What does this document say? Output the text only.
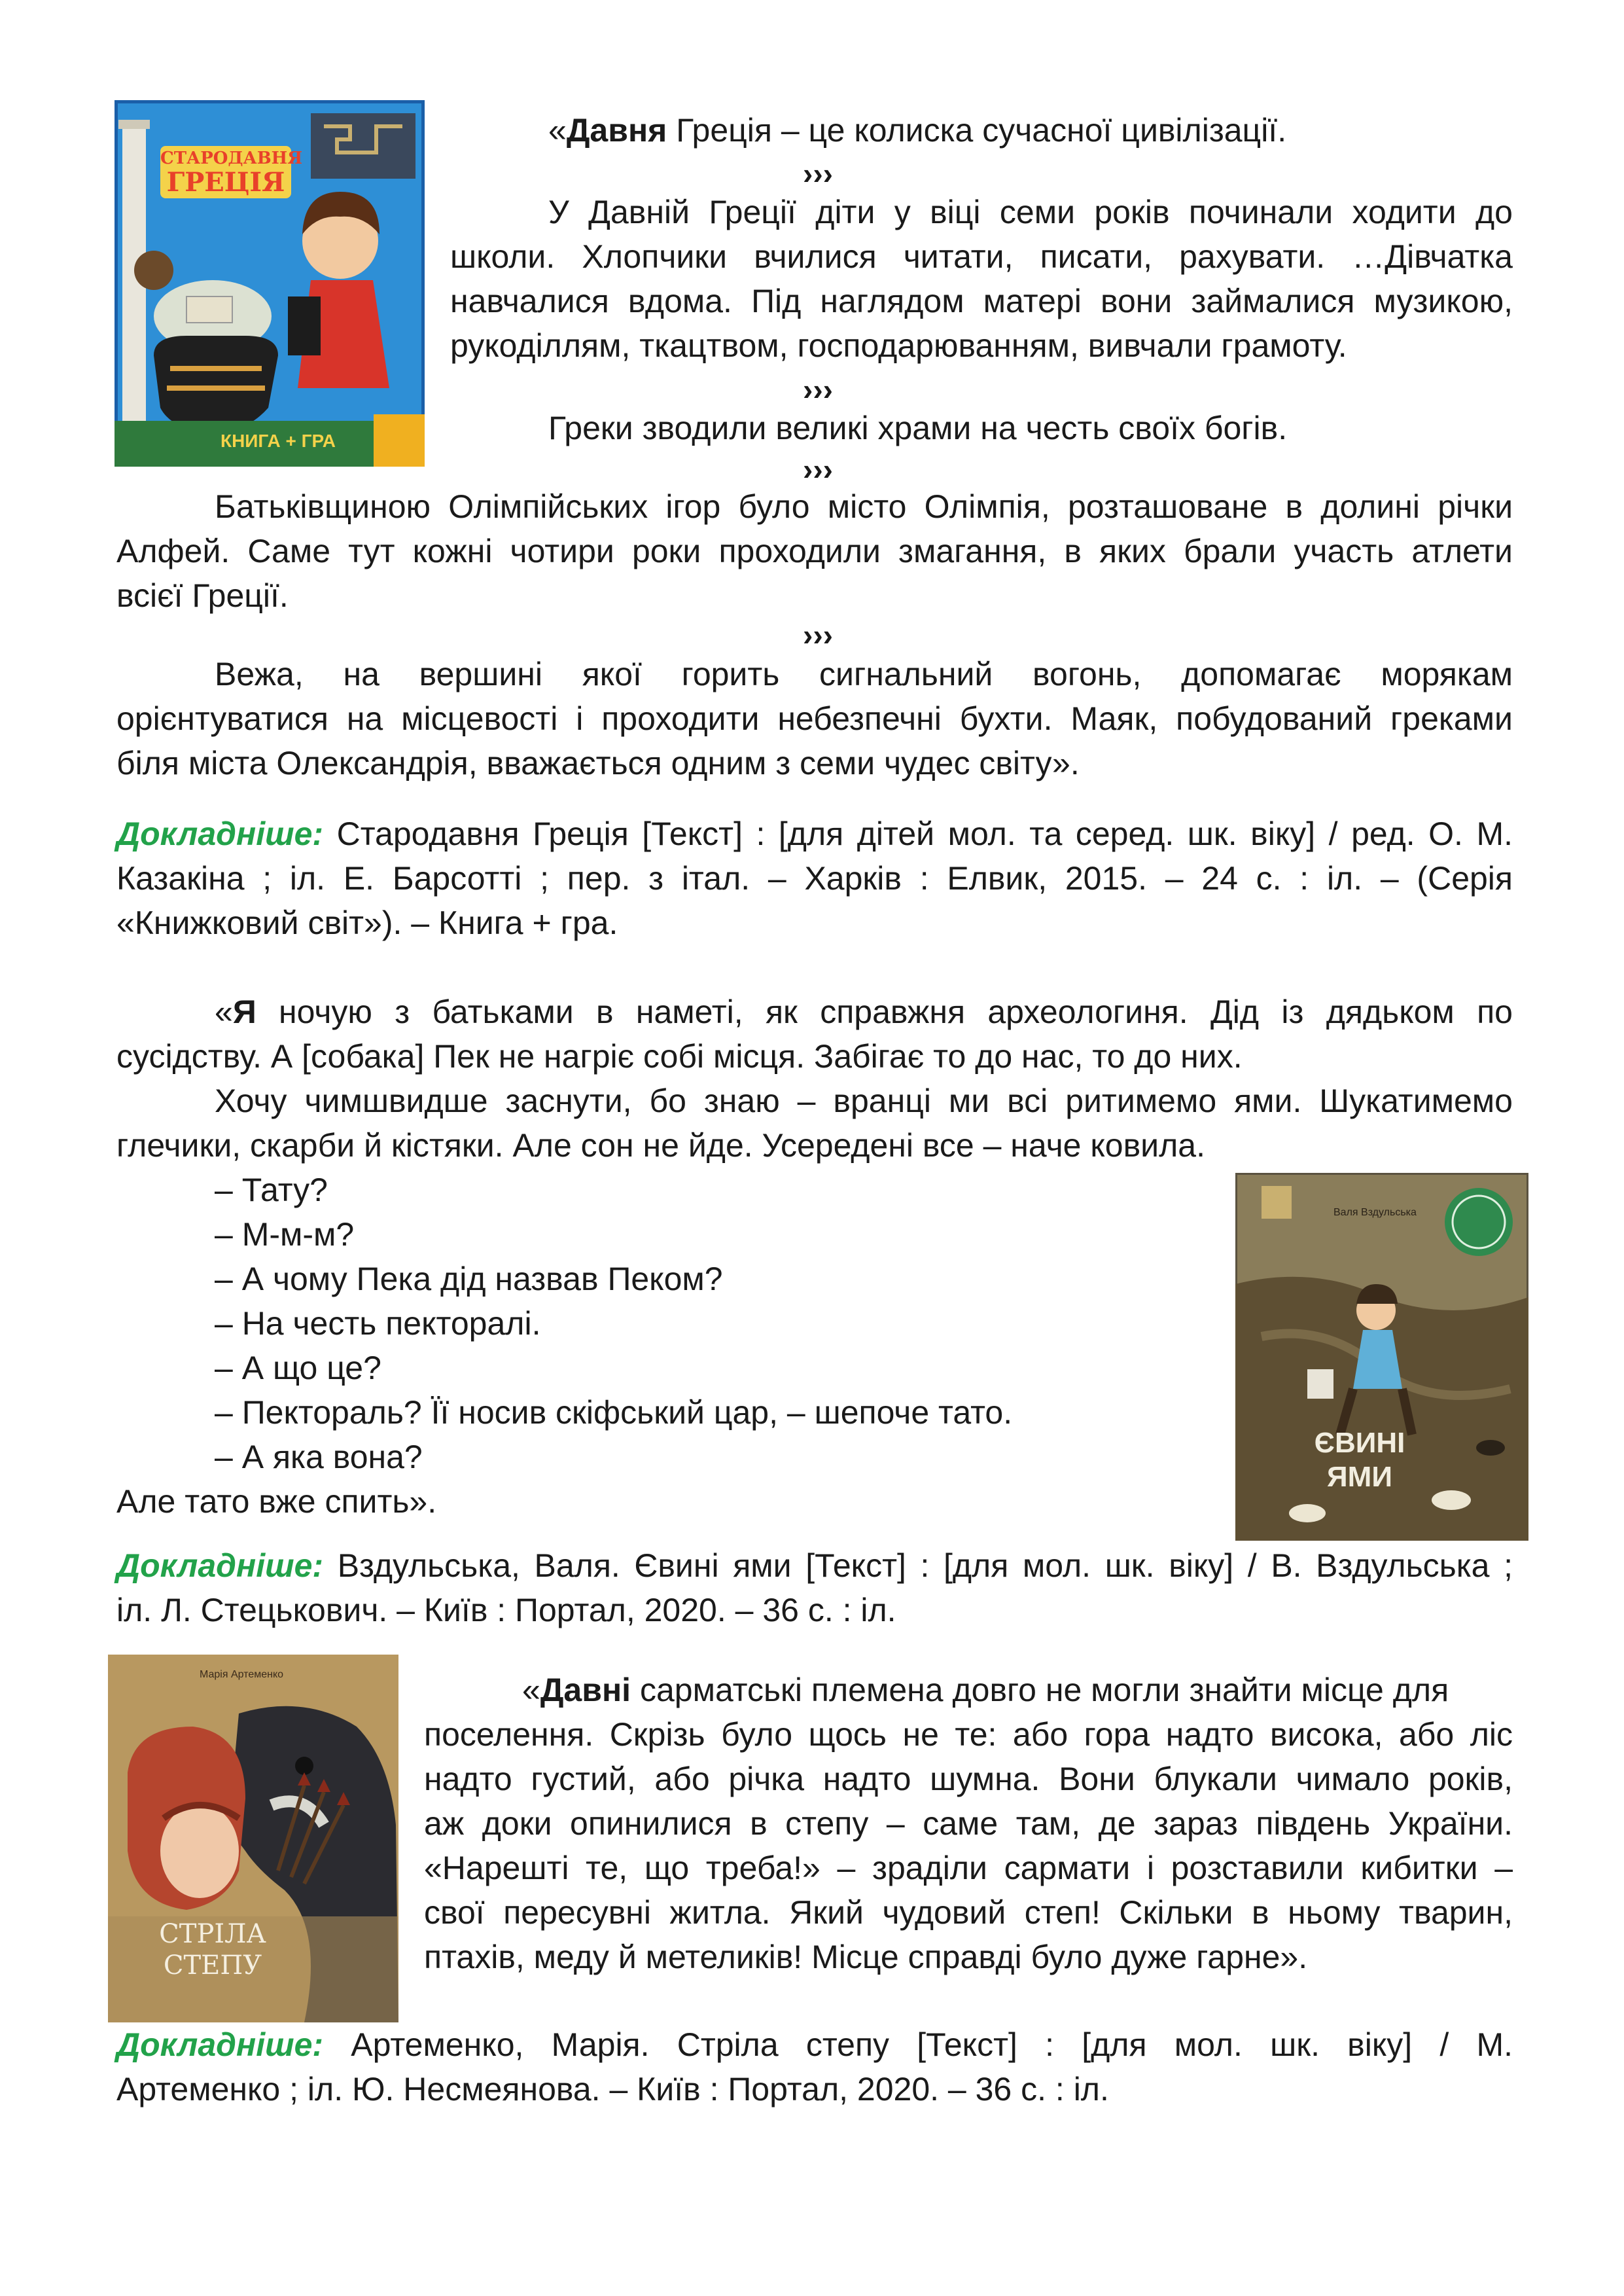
СТАРОДАВНЯ
ГРЕЦІЯ
КНИГА + ГРА
«Давня Греція – це колиска сучасної цивілізації.
›››
У Давній Греції діти у віці семи років починали ходити до
школи. Хлопчики вчилися читати, писати, рахувати. …Дівчатка
навчалися вдома. Під наглядом матері вони займалися музикою,
рукоділлям, ткацтвом, господарюванням, вивчали грамоту.
›››
Греки зводили великі храми на честь своїх богів.
›››
Батьківщиною Олімпійських ігор було місто Олімпія, розташоване в долині річки
Алфей. Саме тут кожні чотири роки проходили змагання, в яких брали участь атлети
всієї Греції.
›››
Вежа, на вершині якої горить сигнальний вогонь, допомагає морякам
орієнтуватися на місцевості і проходити небезпечні бухти. Маяк, побудований греками
біля міста Олександрія, вважається одним з семи чудес світу».
Докладніше: Стародавня Греція [Текст] : [для дітей мол. та серед. шк. віку] / ред. О. М.
Казакіна ; іл. Е. Барсотті ; пер. з італ. – Харків : Елвик, 2015. – 24 с. : іл. – (Серія
«Книжковий світ»). – Книга + гра.
«Я ночую з батьками в наметі, як справжня археологиня. Дід із дядьком по
сусідству. А [собака] Пек не нагріє собі місця. Забігає то до нас, то до них.
Хочу чимшвидше заснути, бо знаю – вранці ми всі ритимемо ями. Шукатимемо
глечики, скарби й кістяки. Але сон не йде. Усередені все – наче ковила.
– Тату?
– М-м-м?
– А чому Пека дід назвав Пеком?
– На честь пекторалі.
– А що це?
– Пектораль? Її носив скіфський цар, – шепоче тато.
– А яка вона?
Але тато вже спить».
Валя Вздульська
ЄВИНІ
ЯМИ
Докладніше: Вздульська, Валя. Євині ями [Текст] : [для мол. шк. віку] / В. Вздульська ;
іл. Л. Стецькович. – Київ : Портал, 2020. – 36 с. : іл.
Марія Артеменко
СТРІЛА
СТЕПУ
«Давні сарматські племена довго не могли знайти місце для
поселення. Скрізь було щось не те: або гора надто висока, або ліс
надто густий, або річка надто шумна. Вони блукали чимало років,
аж доки опинилися в степу – саме там, де зараз південь України.
«Нарешті те, що треба!» – зраділи сармати і розставили кибитки –
свої пересувні житла. Який чудовий степ! Скільки в ньому тварин,
птахів, меду й метеликів! Місце справді було дуже гарне».
Докладніше: Артеменко, Марія. Стріла степу [Текст] : [для мол. шк. віку] / М.
Артеменко ; іл. Ю. Несмеянова. – Київ : Портал, 2020. – 36 с. : іл.
